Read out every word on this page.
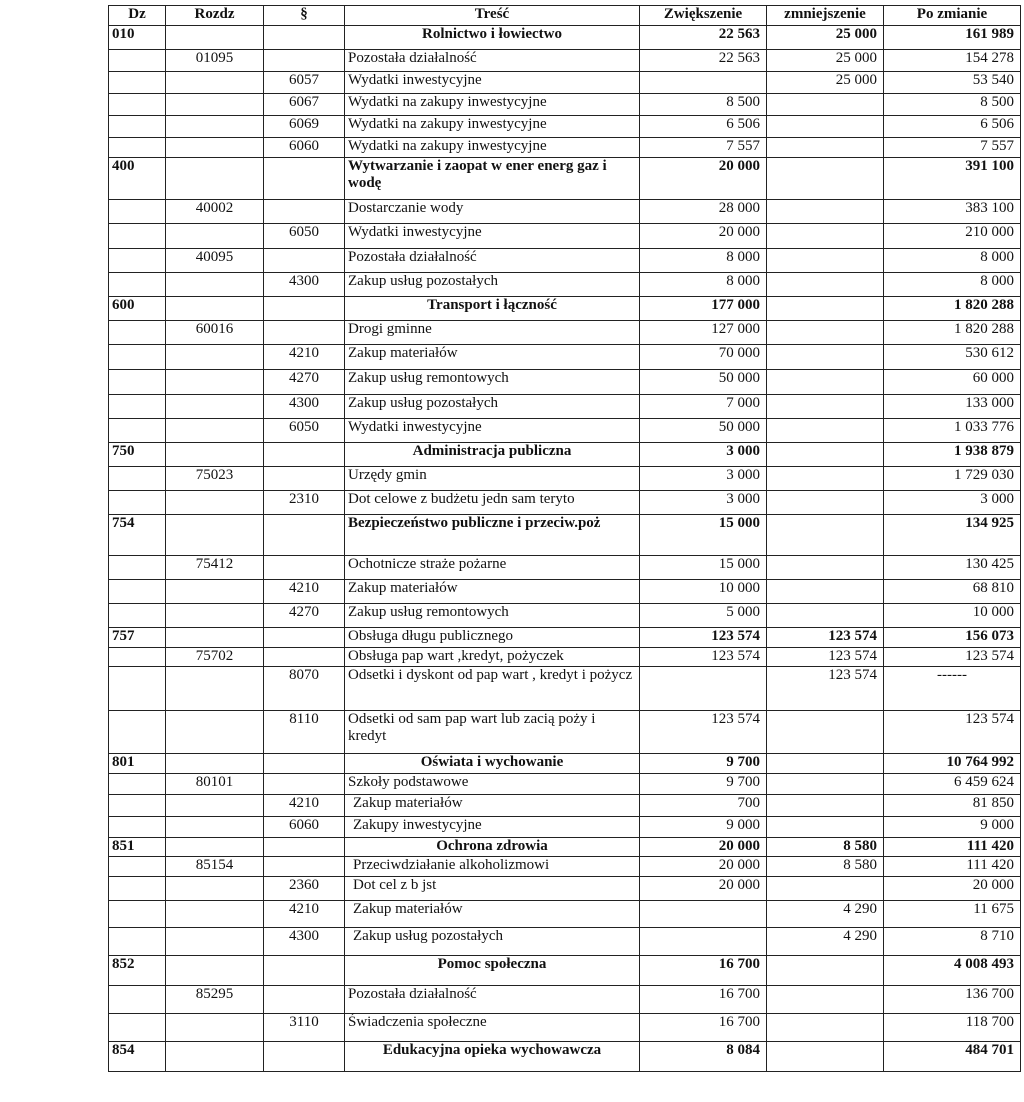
Dz	Rozdz	§	Treść	Zwiększenie	zmniejszenie	Po zmianie
010			Rolnictwo i łowiectwo	22 563	25 000	161 989
	01095		Pozostała działalność	22 563	25 000	154 278
		6057	Wydatki inwestycyjne		25 000	53 540
		6067	Wydatki na zakupy inwestycyjne	8 500		8 500
		6069	Wydatki na zakupy inwestycyjne	6 506		6 506
		6060	Wydatki na zakupy inwestycyjne	7 557		7 557
400			Wytwarzanie i zaopat w ener energ gaz i wodę	20 000		391 100
	40002		Dostarczanie wody	28 000		383 100
		6050	Wydatki inwestycyjne	20 000		210 000
	40095		Pozostała działalność	8 000		8 000
		4300	Zakup usług pozostałych	8 000		8 000
600			Transport i łączność	177 000		1 820 288
	60016		Drogi gminne	127 000		1 820 288
		4210	Zakup materiałów	70 000		530 612
		4270	Zakup usług remontowych	50 000		60 000
		4300	Zakup usług pozostałych	7 000		133 000
		6050	Wydatki inwestycyjne	50 000		1 033 776
750			Administracja publiczna	3 000		1 938 879
	75023		Urzędy gmin	3 000		1 729 030
		2310	Dot celowe z budżetu jedn sam teryto	3 000		3 000
754			Bezpieczeństwo publiczne i przeciw.poż	15 000		134 925
	75412		Ochotnicze straże pożarne	15 000		130 425
		4210	Zakup materiałów	10 000		68 810
		4270	Zakup usług remontowych	5 000		10 000
757			Obsługa długu publicznego	123 574	123 574	156 073
	75702		Obsługa pap wart ,kredyt, pożyczek	123 574	123 574	123 574
		8070	Odsetki i dyskont od pap wart , kredyt i pożycz		123 574	------
		8110	Odsetki od sam pap wart lub zacią poży i kredyt	123 574		123 574
801			Oświata i wychowanie	9 700		10 764 992
	80101		Szkoły podstawowe	9 700		6 459 624
		4210	Zakup materiałów	700		81 850
		6060	Zakupy inwestycyjne	9 000		9 000
851			Ochrona zdrowia	20 000	8 580	111 420
	85154		Przeciwdziałanie alkoholizmowi	20 000	8 580	111 420
		2360	Dot cel z b jst	20 000		20 000
		4210	Zakup materiałów		4 290	11 675
		4300	Zakup usług pozostałych		4 290	8 710
852			Pomoc społeczna	16 700		4 008 493
	85295		Pozostała działalność	16 700		136 700
		3110	Świadczenia społeczne	16 700		118 700
854			Edukacyjna opieka wychowawcza	8 084		484 701
